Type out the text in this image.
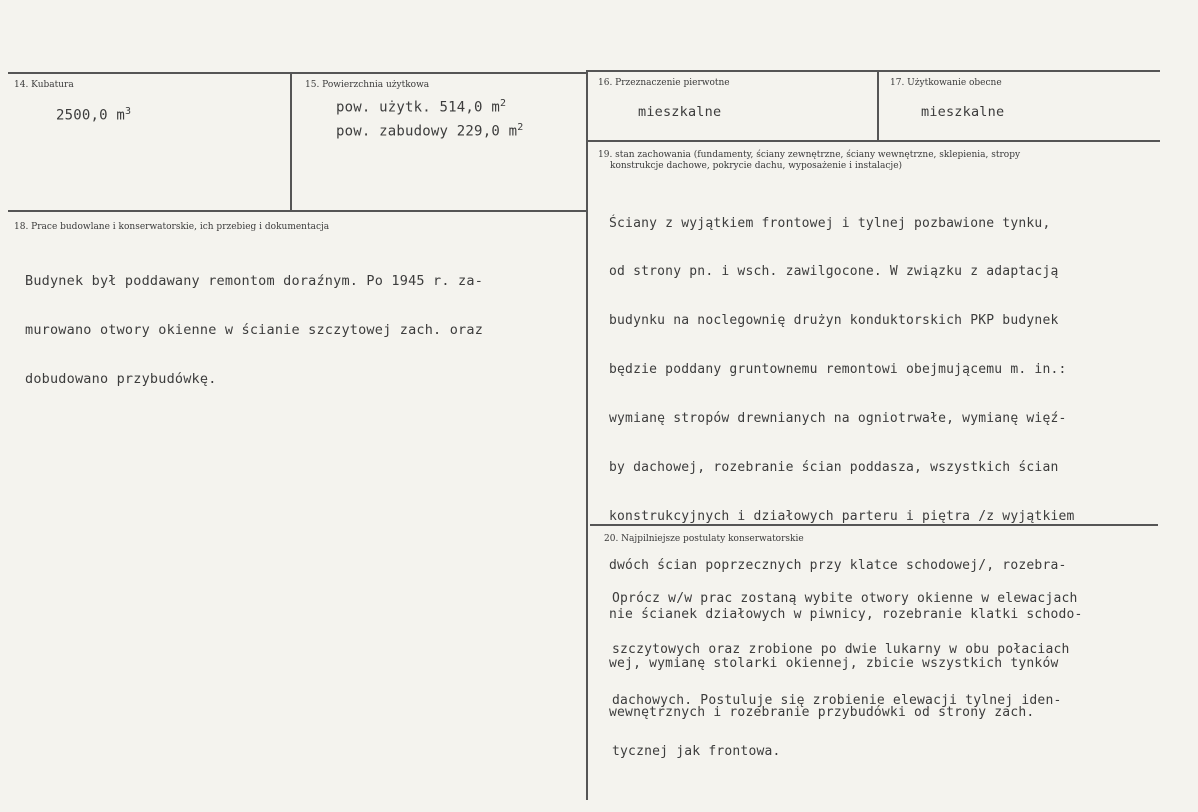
14. Kubatura
2500,0 $m^3$
15. Powierzchnia użytkowa
pow. użytk. 514,0 $m^2$
pow. zabudowy 229,0 $m^2$
16. Przeznaczenie pierwotne
mieszkalne
17. Użytkowanie obecne
mieszkalne
18. Prace budowlane i konserwatorskie, ich przebieg i dokumentacja

Budynek był poddawany remontom doraźnym. Po 1945 r. za-

murowano otwory okienne w ścianie szczytowej zach. oraz

dobudowano przybudówkę.

19. stan zachowania (fundamenty, ściany zewnętrzne, ściany wewnętrzne, sklepienia, stropy
konstrukcje dachowe, pokrycie dachu, wyposażenie i instalacje)

Ściany z wyjątkiem frontowej i tylnej pozbawione tynku,

od strony pn. i wsch. zawilgocone. W związku z adaptacją

budynku na noclegownię drużyn konduktorskich PKP budynek

będzie poddany gruntownemu remontowi obejmującemu m. in.:

wymianę stropów drewnianych na ogniotrwałe, wymianę więź-

by dachowej, rozebranie ścian poddasza, wszystkich ścian

konstrukcyjnych i działowych parteru i piętra /z wyjątkiem

dwóch ścian poprzecznych przy klatce schodowej/, rozebra-

nie ścianek działowych w piwnicy, rozebranie klatki schodo-

wej, wymianę stolarki okiennej, zbicie wszystkich tynków

wewnętrznych i rozebranie przybudówki od strony zach.

20. Najpilniejsze postulaty konserwatorskie

Oprócz w/w prac zostaną wybite otwory okienne w elewacjach

szczytowych oraz zrobione po dwie lukarny w obu połaciach

dachowych. Postuluje się zrobienie elewacji tylnej iden-

tycznej jak frontowa.
